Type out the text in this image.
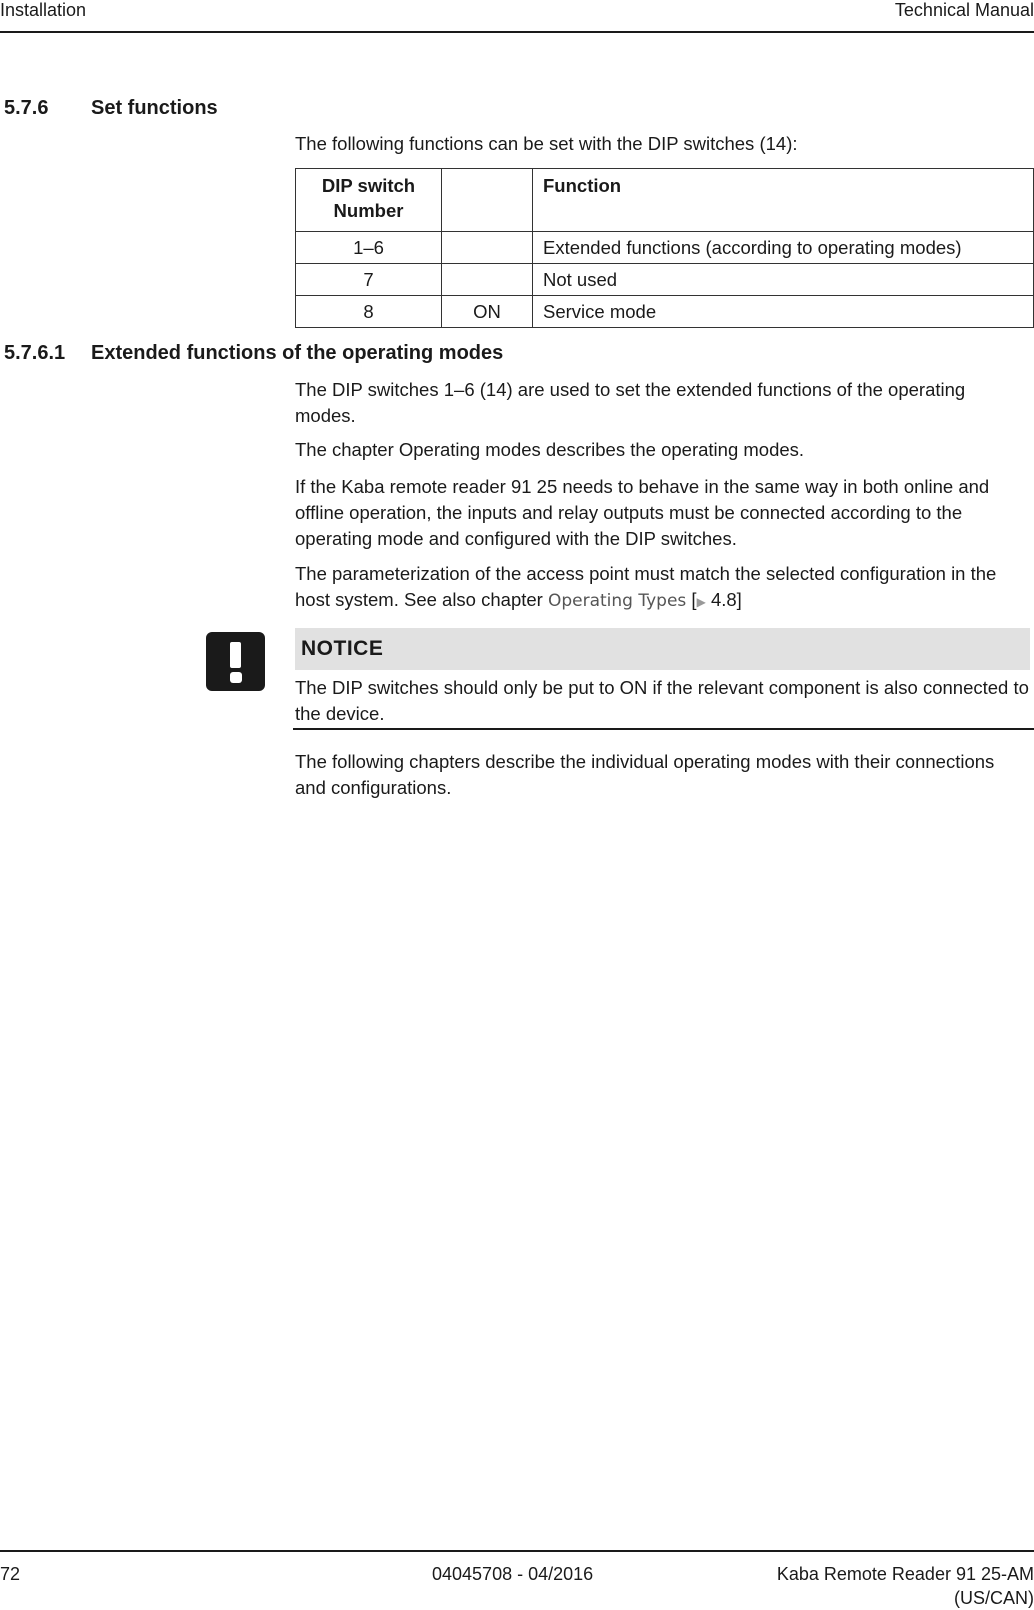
Installation	Technical Manual
5.7.6 Set functions
The following functions can be set with the DIP switches (14):
DIP switch Number		Function
1–6		Extended functions (according to operating modes)
7		Not used
8	ON	Service mode
5.7.6.1 Extended functions of the operating modes
The DIP switches 1–6 (14) are used to set the extended functions of the operating modes.
The chapter Operating modes describes the operating modes.
If the Kaba remote reader 91 25 needs to behave in the same way in both online and offline operation, the inputs and relay outputs must be connected according to the operating mode and configured with the DIP switches.
The parameterization of the access point must match the selected configuration in the host system. See also chapter Operating Types [▶ 4.8]
NOTICE
The DIP switches should only be put to ON if the relevant component is also connected to the device.
The following chapters describe the individual operating modes with their connections and configurations.
72	04045708 - 04/2016	Kaba Remote Reader 91 25-AM (US/CAN)
